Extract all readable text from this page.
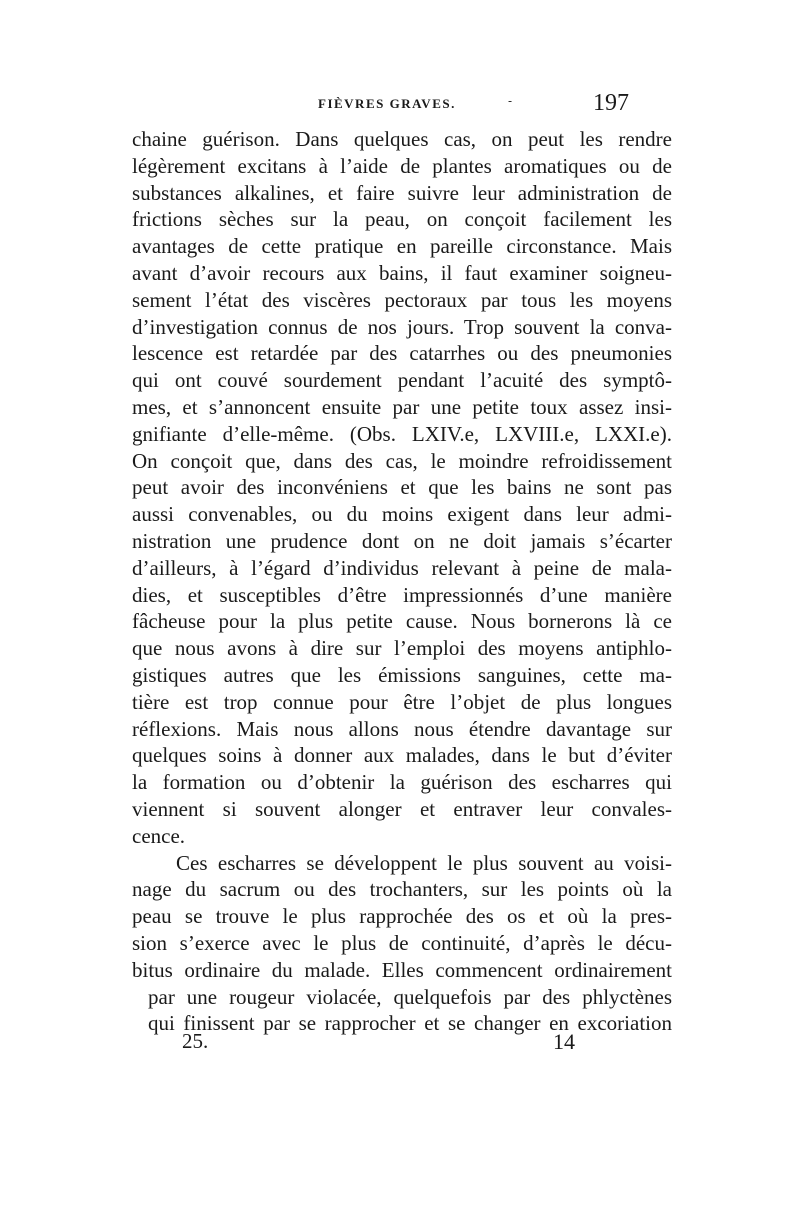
FIÈVRES GRAVES.	-	197
chaine guérison. Dans quelques cas, on peut les rendre
légèrement excitans à l’aide de plantes aromatiques ou de
substances alkalines, et faire suivre leur administration de
frictions sèches sur la peau, on conçoit facilement les
avantages de cette pratique en pareille circonstance. Mais
avant d’avoir recours aux bains, il faut examiner soigneu-
sement l’état des viscères pectoraux par tous les moyens
d’investigation connus de nos jours. Trop souvent la conva-
lescence est retardée par des catarrhes ou des pneumonies
qui ont couvé sourdement pendant l’acuité des symptô-
mes, et s’annoncent ensuite par une petite toux assez insi-
gnifiante d’elle-même. (Obs. LXIV.e, LXVIII.e, LXXI.e).
On conçoit que, dans des cas, le moindre refroidissement
peut avoir des inconvéniens et que les bains ne sont pas
aussi convenables, ou du moins exigent dans leur admi-
nistration une prudence dont on ne doit jamais s’écarter
d’ailleurs, à l’égard d’individus relevant à peine de mala-
dies, et susceptibles d’être impressionnés d’une manière
fâcheuse pour la plus petite cause. Nous bornerons là ce
que nous avons à dire sur l’emploi des moyens antiphlo-
gistiques autres que les émissions sanguines, cette ma-
tière est trop connue pour être l’objet de plus longues
réflexions. Mais nous allons nous étendre davantage sur
quelques soins à donner aux malades, dans le but d’éviter
la formation ou d’obtenir la guérison des escharres qui
viennent si souvent alonger et entraver leur convales-
cence.
Ces escharres se développent le plus souvent au voisi-
nage du sacrum ou des trochanters, sur les points où la
peau se trouve le plus rapprochée des os et où la pres-
sion s’exerce avec le plus de continuité, d’après le décu-
bitus ordinaire du malade. Elles commencent ordinairement
par une rougeur violacée, quelquefois par des phlyctènes
qui finissent par se rapprocher et se changer en excoriation
25.	14
